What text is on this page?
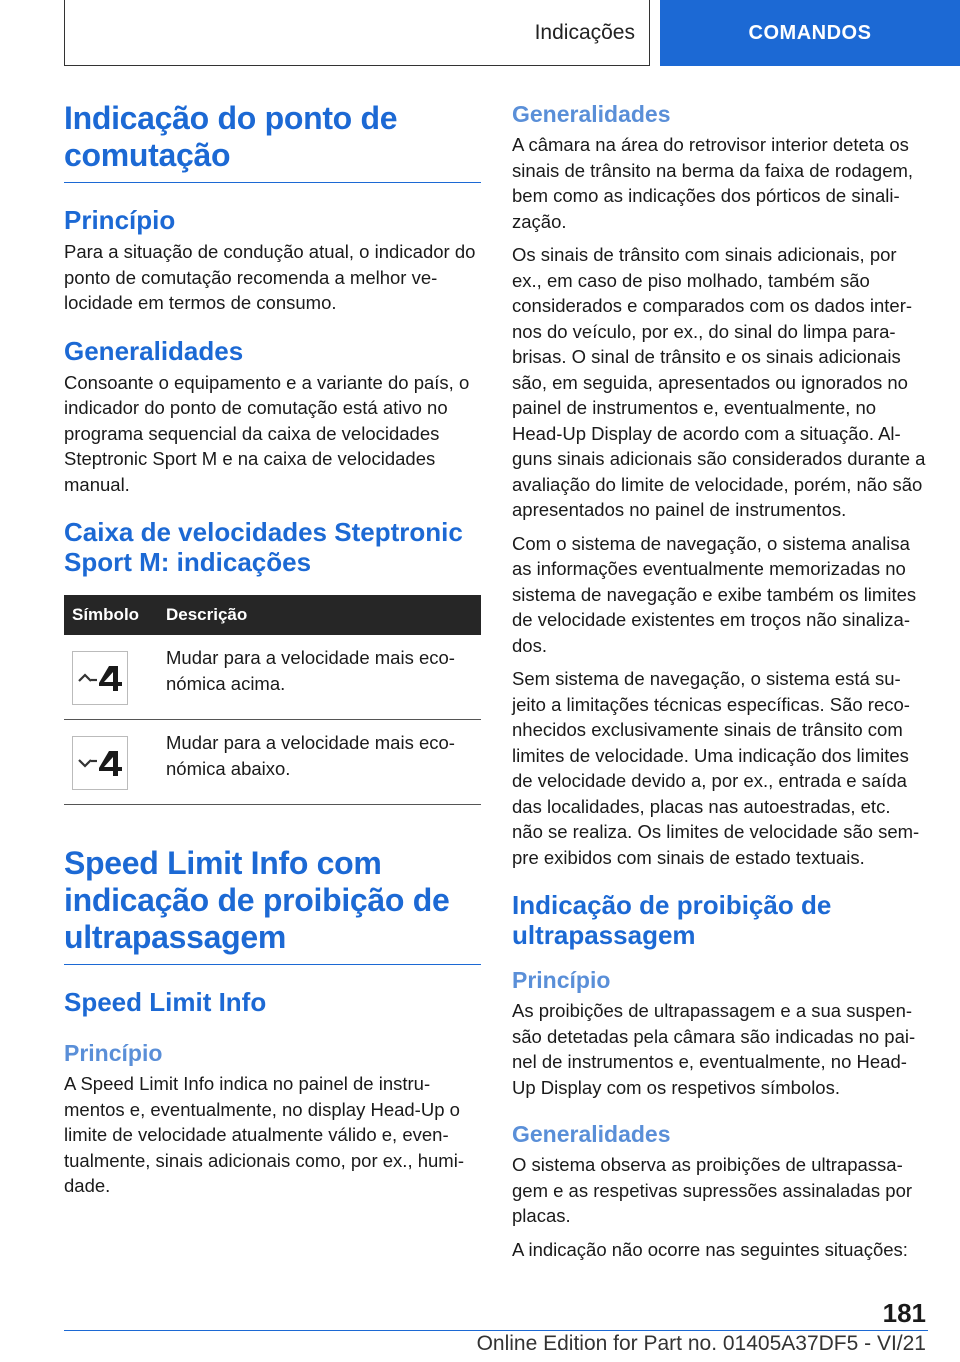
Indicações	COMANDOS
Indicação do ponto de comutação
Princípio

Para a situação de condução atual, o indicador do ponto de comutação recomenda a melhor velocidade em termos de consumo.

Generalidades

Consoante o equipamento e a variante do país, o indicador do ponto de comutação está ativo no programa sequencial da caixa de velocidades Steptronic Sport M e na caixa de velocidades manual.

Caixa de velocidades Steptronic Sport M: indicações
Símbolo	Descrição

	Mudar para a velocidade mais económica acima.

	Mudar para a velocidade mais económica abaixo.
Speed Limit Info com indicação de proibição de ultrapassagem
Speed Limit Info
Princípio

A Speed Limit Info indica no painel de instrumentos e, eventualmente, no display Head-Up o limite de velocidade atualmente válido e, eventualmente, sinais adicionais como, por ex., humidade.

Generalidades

A câmara na área do retrovisor interior deteta os sinais de trânsito na berma da faixa de rodagem, bem como as indicações dos pórticos de sinalização.

Os sinais de trânsito com sinais adicionais, por ex., em caso de piso molhado, também são considerados e comparados com os dados internos do veículo, por ex., do sinal do limpa para-brisas. O sinal de trânsito e os sinais adicionais são, em seguida, apresentados ou ignorados no painel de instrumentos e, eventualmente, no Head-Up Display de acordo com a situação. Alguns sinais adicionais são considerados durante a avaliação do limite de velocidade, porém, não são apresentados no painel de instrumentos.

Com o sistema de navegação, o sistema analisa as informações eventualmente memorizadas no sistema de navegação e exibe também os limites de velocidade existentes em troços não sinalizados.

Sem sistema de navegação, o sistema está sujeito a limitações técnicas específicas. São reconhecidos exclusivamente sinais de trânsito com limites de velocidade. Uma indicação dos limites de velocidade devido a, por ex., entrada e saída das localidades, placas nas autoestradas, etc. não se realiza. Os limites de velocidade são sempre exibidos com sinais de estado textuais.

Indicação de proibição de ultrapassagem
Princípio

As proibições de ultrapassagem e a sua suspensão detetadas pela câmara são indicadas no painel de instrumentos e, eventualmente, no Head-Up Display com os respetivos símbolos.

Generalidades

O sistema observa as proibições de ultrapassagem e as respetivas supressões assinaladas por placas.

A indicação não ocorre nas seguintes situações:

181
Online Edition for Part no. 01405A37DF5 - VI/21
